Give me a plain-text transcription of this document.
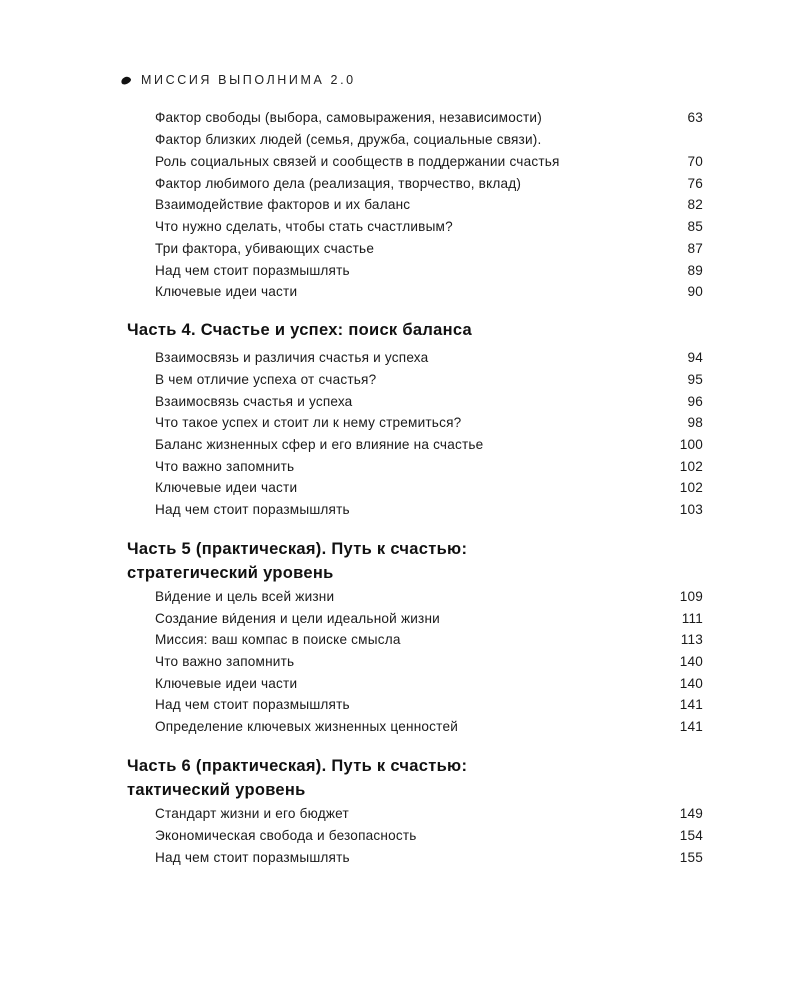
МИССИЯ ВЫПОЛНИМА 2.0
Фактор свободы (выбора, самовыражения, независимости)	63
Фактор близких людей (семья, дружба, социальные связи).
Роль социальных связей и сообществ в поддержании счастья	70
Фактор любимого дела (реализация, творчество, вклад)	76
Взаимодействие факторов и их баланс	82
Что нужно сделать, чтобы стать счастливым?	85
Три фактора, убивающих счастье	87
Над чем стоит поразмышлять	89
Ключевые идеи части	90
Часть 4. Счастье и успех: поиск баланса
Взаимосвязь и различия счастья и успеха	94
В чем отличие успеха от счастья?	95
Взаимосвязь счастья и успеха	96
Что такое успех и стоит ли к нему стремиться?	98
Баланс жизненных сфер и его влияние на счастье	100
Что важно запомнить	102
Ключевые идеи части	102
Над чем стоит поразмышлять	103
Часть 5 (практическая). Путь к счастью:
стратегический уровень
Ви́дение и цель всей жизни	109
Создание ви́дения и цели идеальной жизни	111
Миссия: ваш компас в поиске смысла	113
Что важно запомнить	140
Ключевые идеи части	140
Над чем стоит поразмышлять	141
Определение ключевых жизненных ценностей	141
Часть 6 (практическая). Путь к счастью:
тактический уровень
Стандарт жизни и его бюджет	149
Экономическая свобода и безопасность	154
Над чем стоит поразмышлять	155
